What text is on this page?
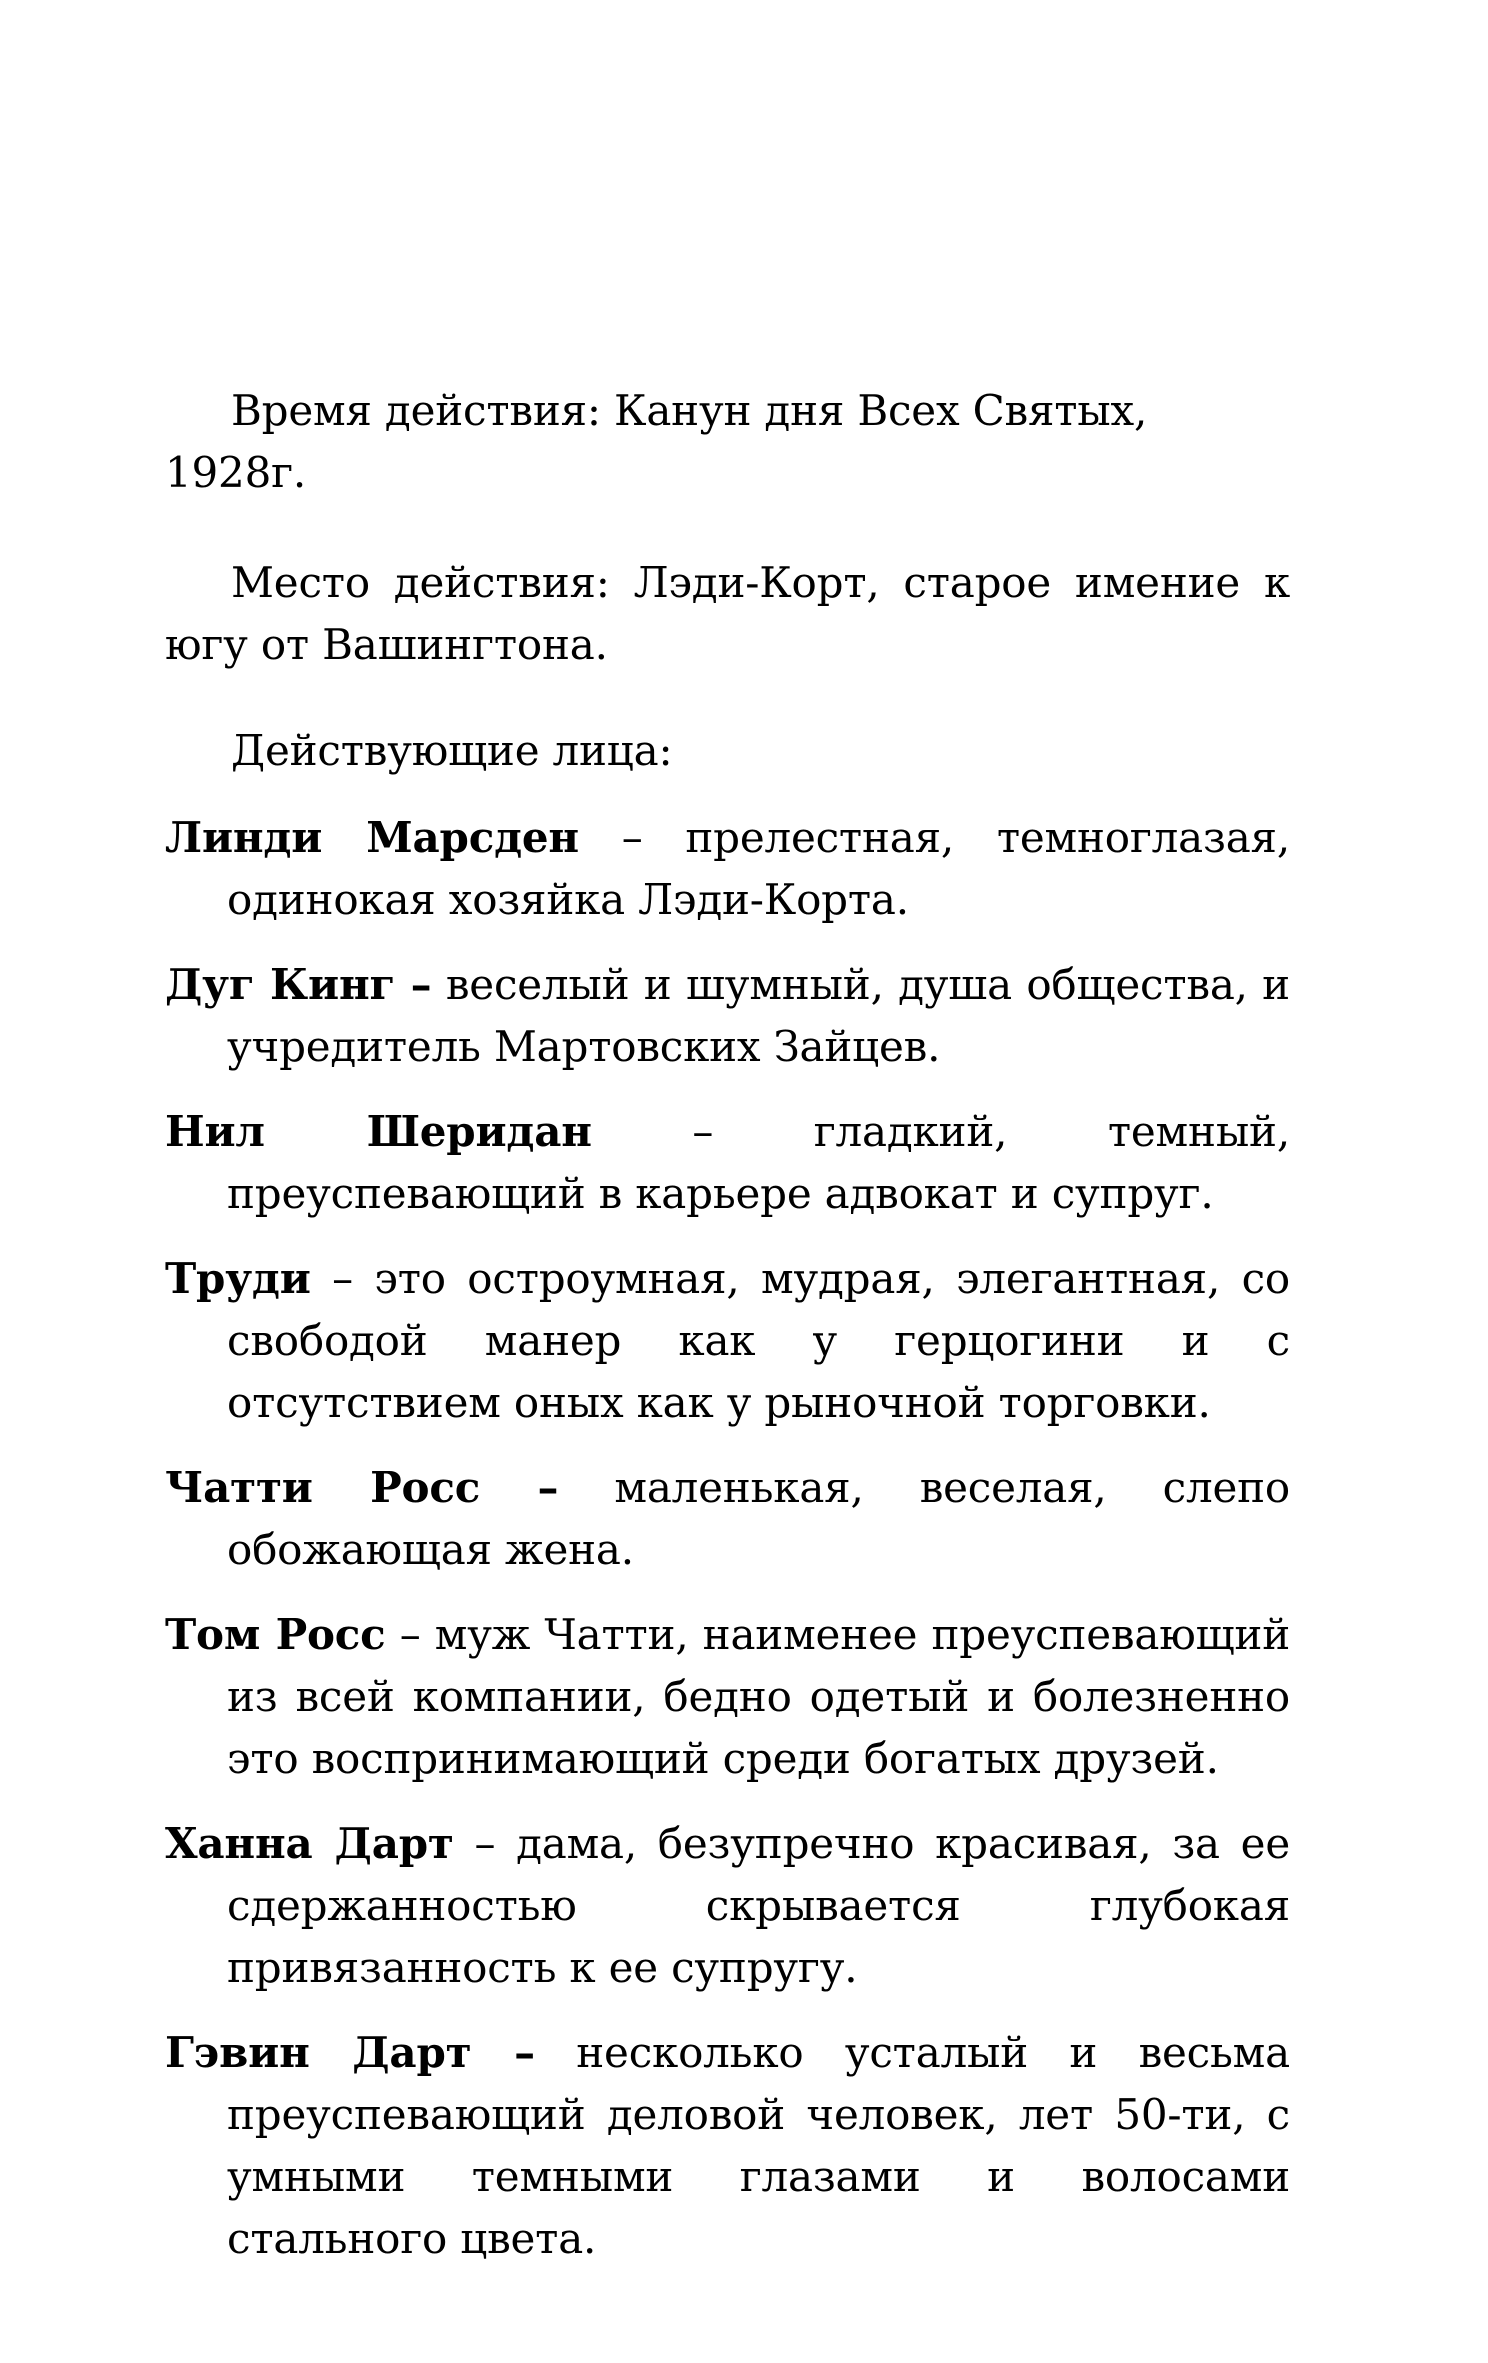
Время действия: Канун дня Всех Святых, 1928г.

Место действия: Лэди-Корт, старое имение к югу от Вашингтона.

Действующие лица:

Линди Марсден – прелестная, темноглазая, одинокая хозяйка Лэди-Корта.

Дуг Кинг – веселый и шумный, душа общества, и учредитель Мартовских Зайцев.

Нил Шеридан – гладкий, темный, преуспевающий в карьере адвокат и супруг.

Труди – это остроумная, мудрая, элегантная, со свободой манер как у герцогини и с отсутствием оных как у рыночной торговки.

Чатти Росс – маленькая, веселая, слепо обожающая жена.

Том Росс – муж Чатти, наименее преуспевающий из всей компании, бедно одетый и болезненно это воспринимающий среди богатых друзей.

Ханна Дарт – дама, безупречно красивая, за ее сдержанностью скрывается глубокая привязанность к ее супругу.

Гэвин Дарт – несколько усталый и весьма преуспевающий деловой человек, лет 50-ти, с умными темными глазами и волосами стального цвета.
